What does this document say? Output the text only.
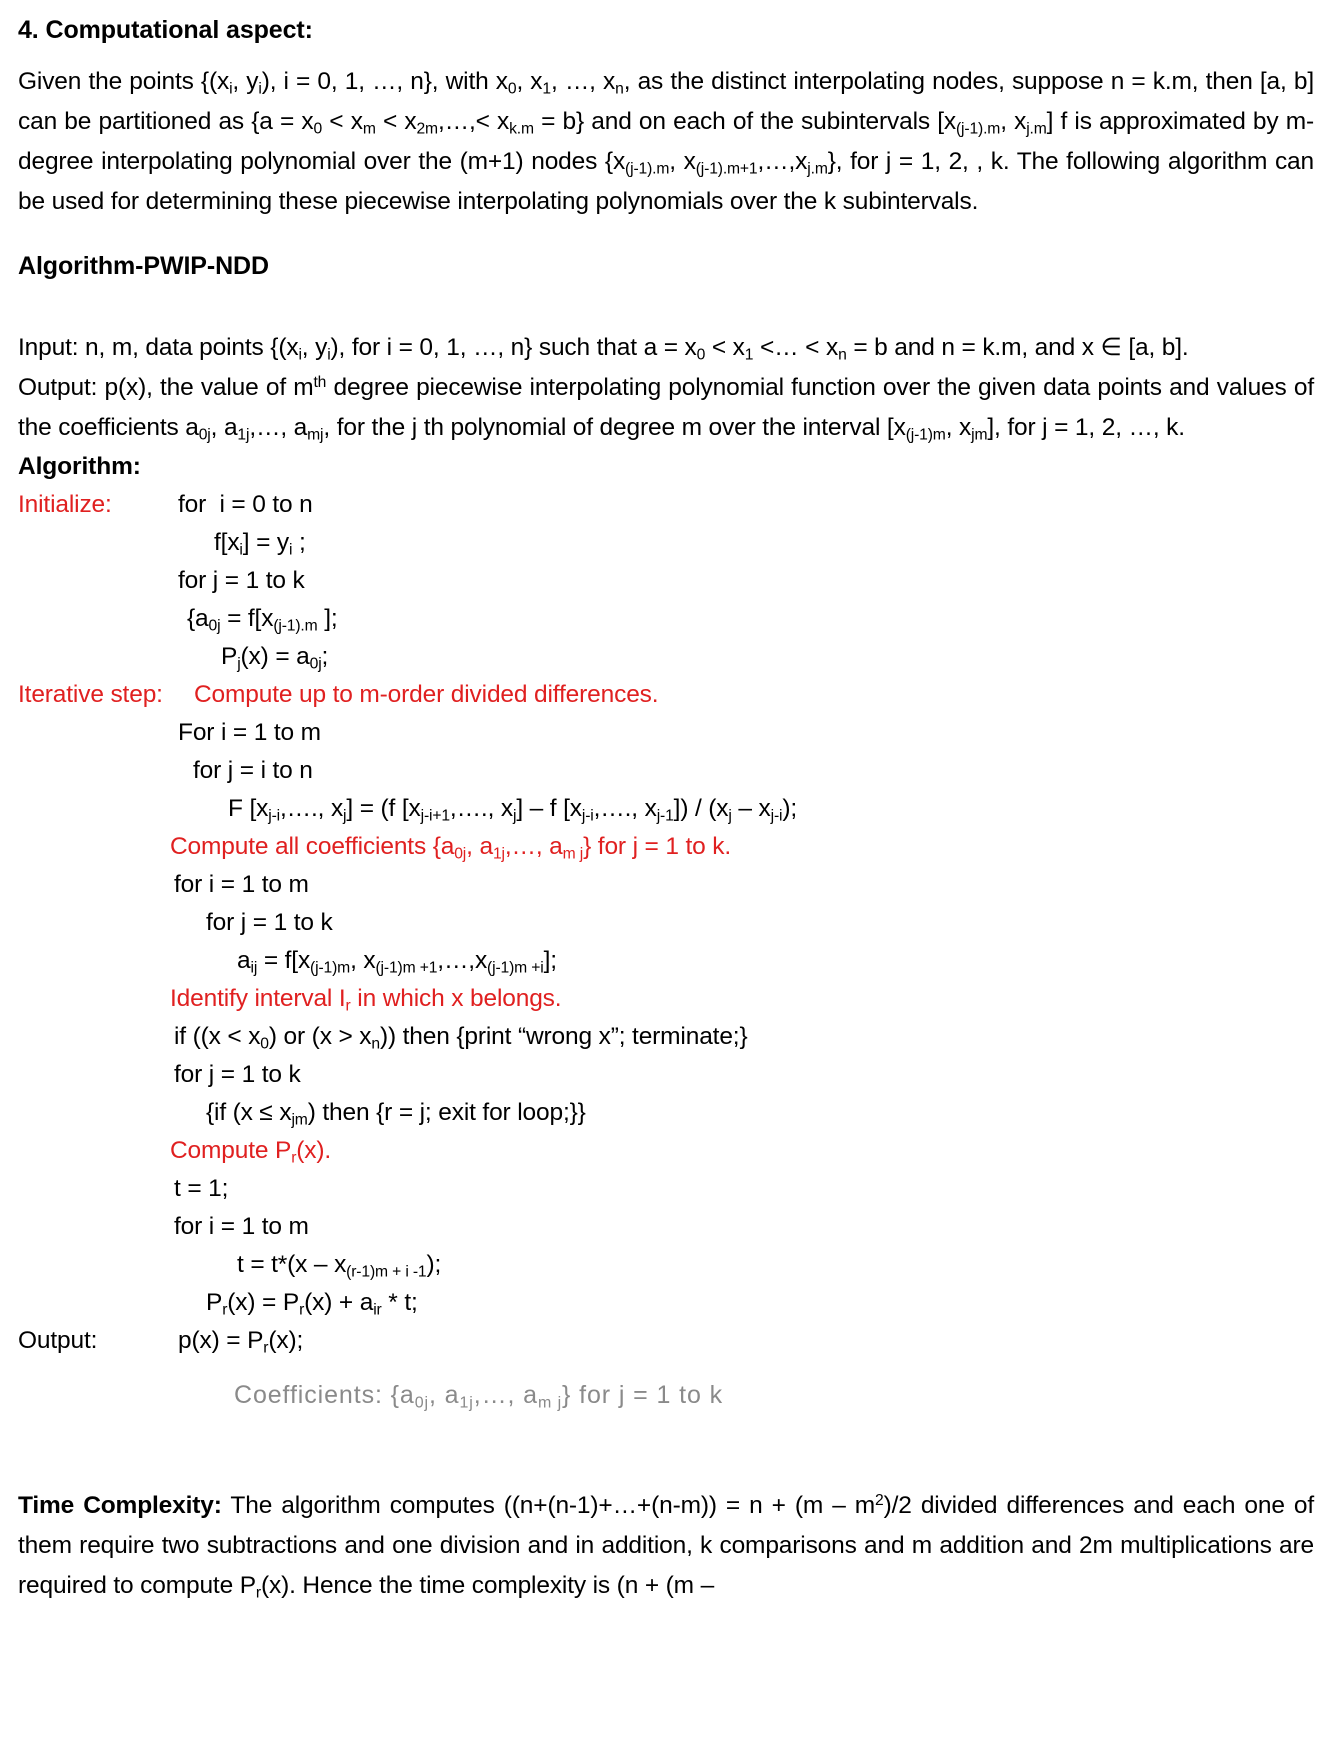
4. Computational aspect:

Given the points {($x_i$, $y_i$), i = 0, 1, …, n}, with $x_0$, $x_1$, …, $x_n$, as the distinct interpolating nodes, suppose n = k.m, then [a, b] can be partitioned as {$a = x_0 < x_m$ < $x_{2m},\dots,< x_{k.m} = b$} and on each of the subintervals [$x_{(j-1).m}$, $x_{j.m}$] f is approximated by m-degree interpolating polynomial over the (m+1) nodes {$x_{(j-1).m}$, $x_{(j-1).m+1},\dots,x_{j.m}$}, for j = 1, 2, , k. The following algorithm can be used for determining these piecewise interpolating polynomials over the k subintervals.

Algorithm-PWIP-NDD

Input: n, m, data points {($x_i$, $y_i$), for i = 0, 1, …, n} such that $a = x_0 < x_1$ <… < $x_n = b$ and n = k.m, and x ∈ [a, b].

Output: p(x), the value of $m^{th}$ degree piecewise interpolating polynomial function over the given data points and values of the coefficients $a_{0j}$, $a_{1j},\dots$, $a_{mj}$, for the j th polynomial of degree m over the interval [$x_{(j-1)m}$, $x_{jm}$], for j = 1, 2, …, k.

Algorithm:
Initialize:	for  i = 0 to n
$f[x_i] = y_i$ ;
for j = 1 to k
{$a_{0j} = f[x_{(j-1).m}$ ];
$P_j(x) = a_{0j}$;
Iterative step:	Compute up to m-order divided differences.
For i = 1 to m
for j = i to n
F [$x_{j-i},\dots$., $x_j] = (f$ [$x_{j-i+1},\dots$., $x_j$] – f [$x_{j-i},\dots$., $x_{j-1}]) / (x_j - x_{j-i})$;
Compute all coefficients {$a_{0j}$, $a_{1j},\dots$, $a_{m j}$} for j = 1 to k.
for i = 1 to m
for j = 1 to k
$a_{ij} = f[x_{(j-1)m}$, $x_{(j-1)m +1},\dots,x_{(j-1)m +i}$];
Identify interval $I_r$ in which x belongs.
if ($(x < x_0)$ or $(x > x_n)$) then {print “wrong x”; terminate;}
for j = 1 to k
{if $(x \le x_{jm})$ then {r = j; exit for loop;}}
Compute $P_r(x)$.
t = 1;
for i = 1 to m
$t = t*(x - x_{(r-1)m + i -1})$;
$P_r(x) = P_r(x) + a_{ir} * t$;
Output:	$p(x) = P_r(x)$;
Coefficients: {$a_{0j}$, $a_{1j},\dots$, $a_{m j}$} for j = 1 to k

Time Complexity: The algorithm computes ((n+(n-1)+…+(n-m)) = $n + (m - m^2)/2$ divided differences and each one of them require two subtractions and one division and in addition, k comparisons and m addition and 2m multiplications are required to compute $P_r(x)$. Hence the time complexity is (n + (m –
